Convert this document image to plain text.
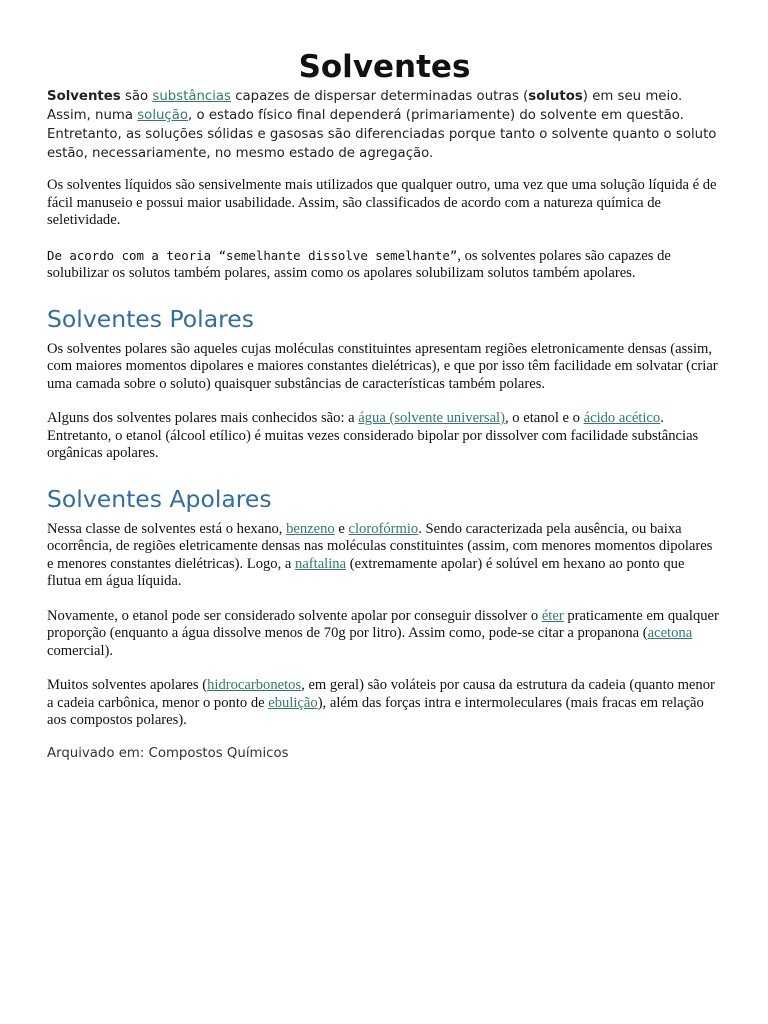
Solventes

Solventes são substâncias capazes de dispersar determinadas outras (solutos) em seu meio. Assim, numa solução, o estado físico final dependerá (primariamente) do solvente em questão. Entretanto, as soluções sólidas e gasosas são diferenciadas porque tanto o solvente quanto o soluto estão, necessariamente, no mesmo estado de agregação.

Os solventes líquidos são sensivelmente mais utilizados que qualquer outro, uma vez que uma solução líquida é de fácil manuseio e possui maior usabilidade. Assim, são classificados de acordo com a natureza química de seletividade.

De acordo com a teoria “semelhante dissolve semelhante”, os solventes polares são capazes de solubilizar os solutos também polares, assim como os apolares solubilizam solutos também apolares.

Solventes Polares

Os solventes polares são aqueles cujas moléculas constituintes apresentam regiões eletronicamente densas (assim, com maiores momentos dipolares e maiores constantes dielétricas), e que por isso têm facilidade em solvatar (criar uma camada sobre o soluto) quaisquer substâncias de características também polares.

Alguns dos solventes polares mais conhecidos são: a água (solvente universal), o etanol e o ácido acético. Entretanto, o etanol (álcool etílico) é muitas vezes considerado bipolar por dissolver com facilidade substâncias orgânicas apolares.

Solventes Apolares

Nessa classe de solventes está o hexano, benzeno e clorofórmio. Sendo caracterizada pela ausência, ou baixa ocorrência, de regiões eletricamente densas nas moléculas constituintes (assim, com menores momentos dipolares e menores constantes dielétricas). Logo, a naftalina (extremamente apolar) é solúvel em hexano ao ponto que flutua em água líquida.

Novamente, o etanol pode ser considerado solvente apolar por conseguir dissolver o éter praticamente em qualquer proporção (enquanto a água dissolve menos de 70g por litro). Assim como, pode-se citar a propanona (acetona comercial).

Muitos solventes apolares (hidrocarbonetos, em geral) são voláteis por causa da estrutura da cadeia (quanto menor a cadeia carbônica, menor o ponto de ebulição), além das forças intra e intermoleculares (mais fracas em relação aos compostos polares).

Arquivado em: Compostos Químicos
